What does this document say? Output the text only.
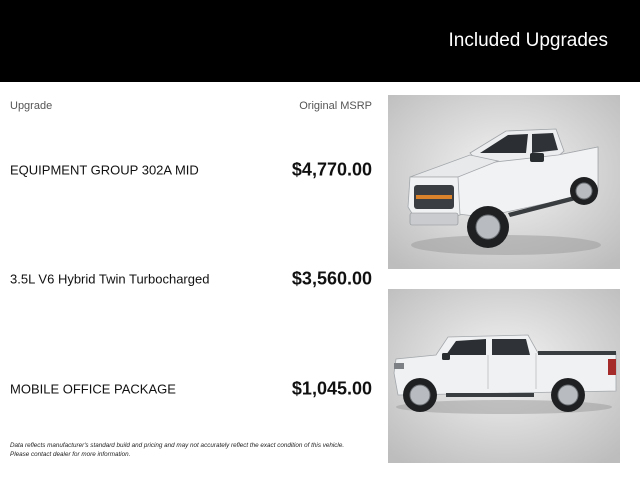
Included Upgrades
Upgrade	Original MSRP
EQUIPMENT GROUP 302A MID	$4,770.00
3.5L V6 Hybrid Twin Turbocharged	$3,560.00
MOBILE OFFICE PACKAGE	$1,045.00
Data reflects manufacturer's standard build and pricing and may not accurately reflect the exact condition of this vehicle.
Please contact dealer for more information.
